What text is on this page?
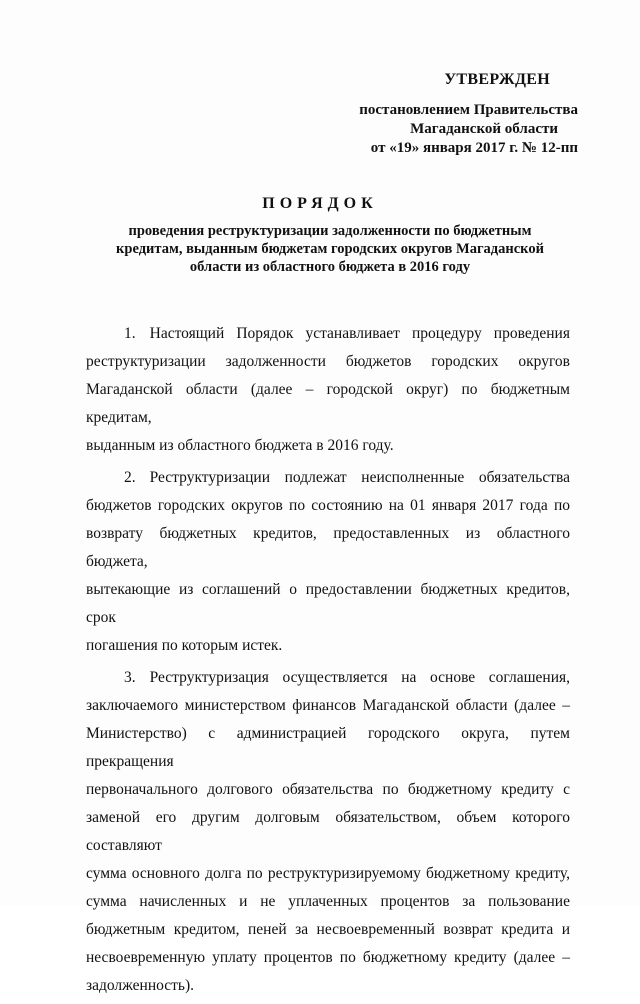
УТВЕРЖДЕН
постановлением Правительства
Магаданской области
от «19» января 2017 г. № 12-пп
ПОРЯДОК
проведения реструктуризации задолженности по бюджетным
кредитам, выданным бюджетам городских округов Магаданской
области из областного бюджета в 2016 году
1. Настоящий Порядок устанавливает процедуру проведения
реструктуризации задолженности бюджетов городских округов
Магаданской области (далее – городской округ) по бюджетным кредитам,
выданным из областного бюджета в 2016 году.
2. Реструктуризации подлежат неисполненные обязательства
бюджетов городских округов по состоянию на 01 января 2017 года по
возврату бюджетных кредитов, предоставленных из областного бюджета,
вытекающие из соглашений о предоставлении бюджетных кредитов, срок
погашения по которым истек.
3. Реструктуризация осуществляется на основе соглашения,
заключаемого министерством финансов Магаданской области (далее –
Министерство) с администрацией городского округа, путем прекращения
первоначального долгового обязательства по бюджетному кредиту с
заменой его другим долговым обязательством, объем которого составляют
сумма основного долга по реструктуризируемому бюджетному кредиту,
сумма начисленных и не уплаченных процентов за пользование
бюджетным кредитом, пеней за несвоевременный возврат кредита и
несвоевременную уплату процентов по бюджетному кредиту (далее –
задолженность).
